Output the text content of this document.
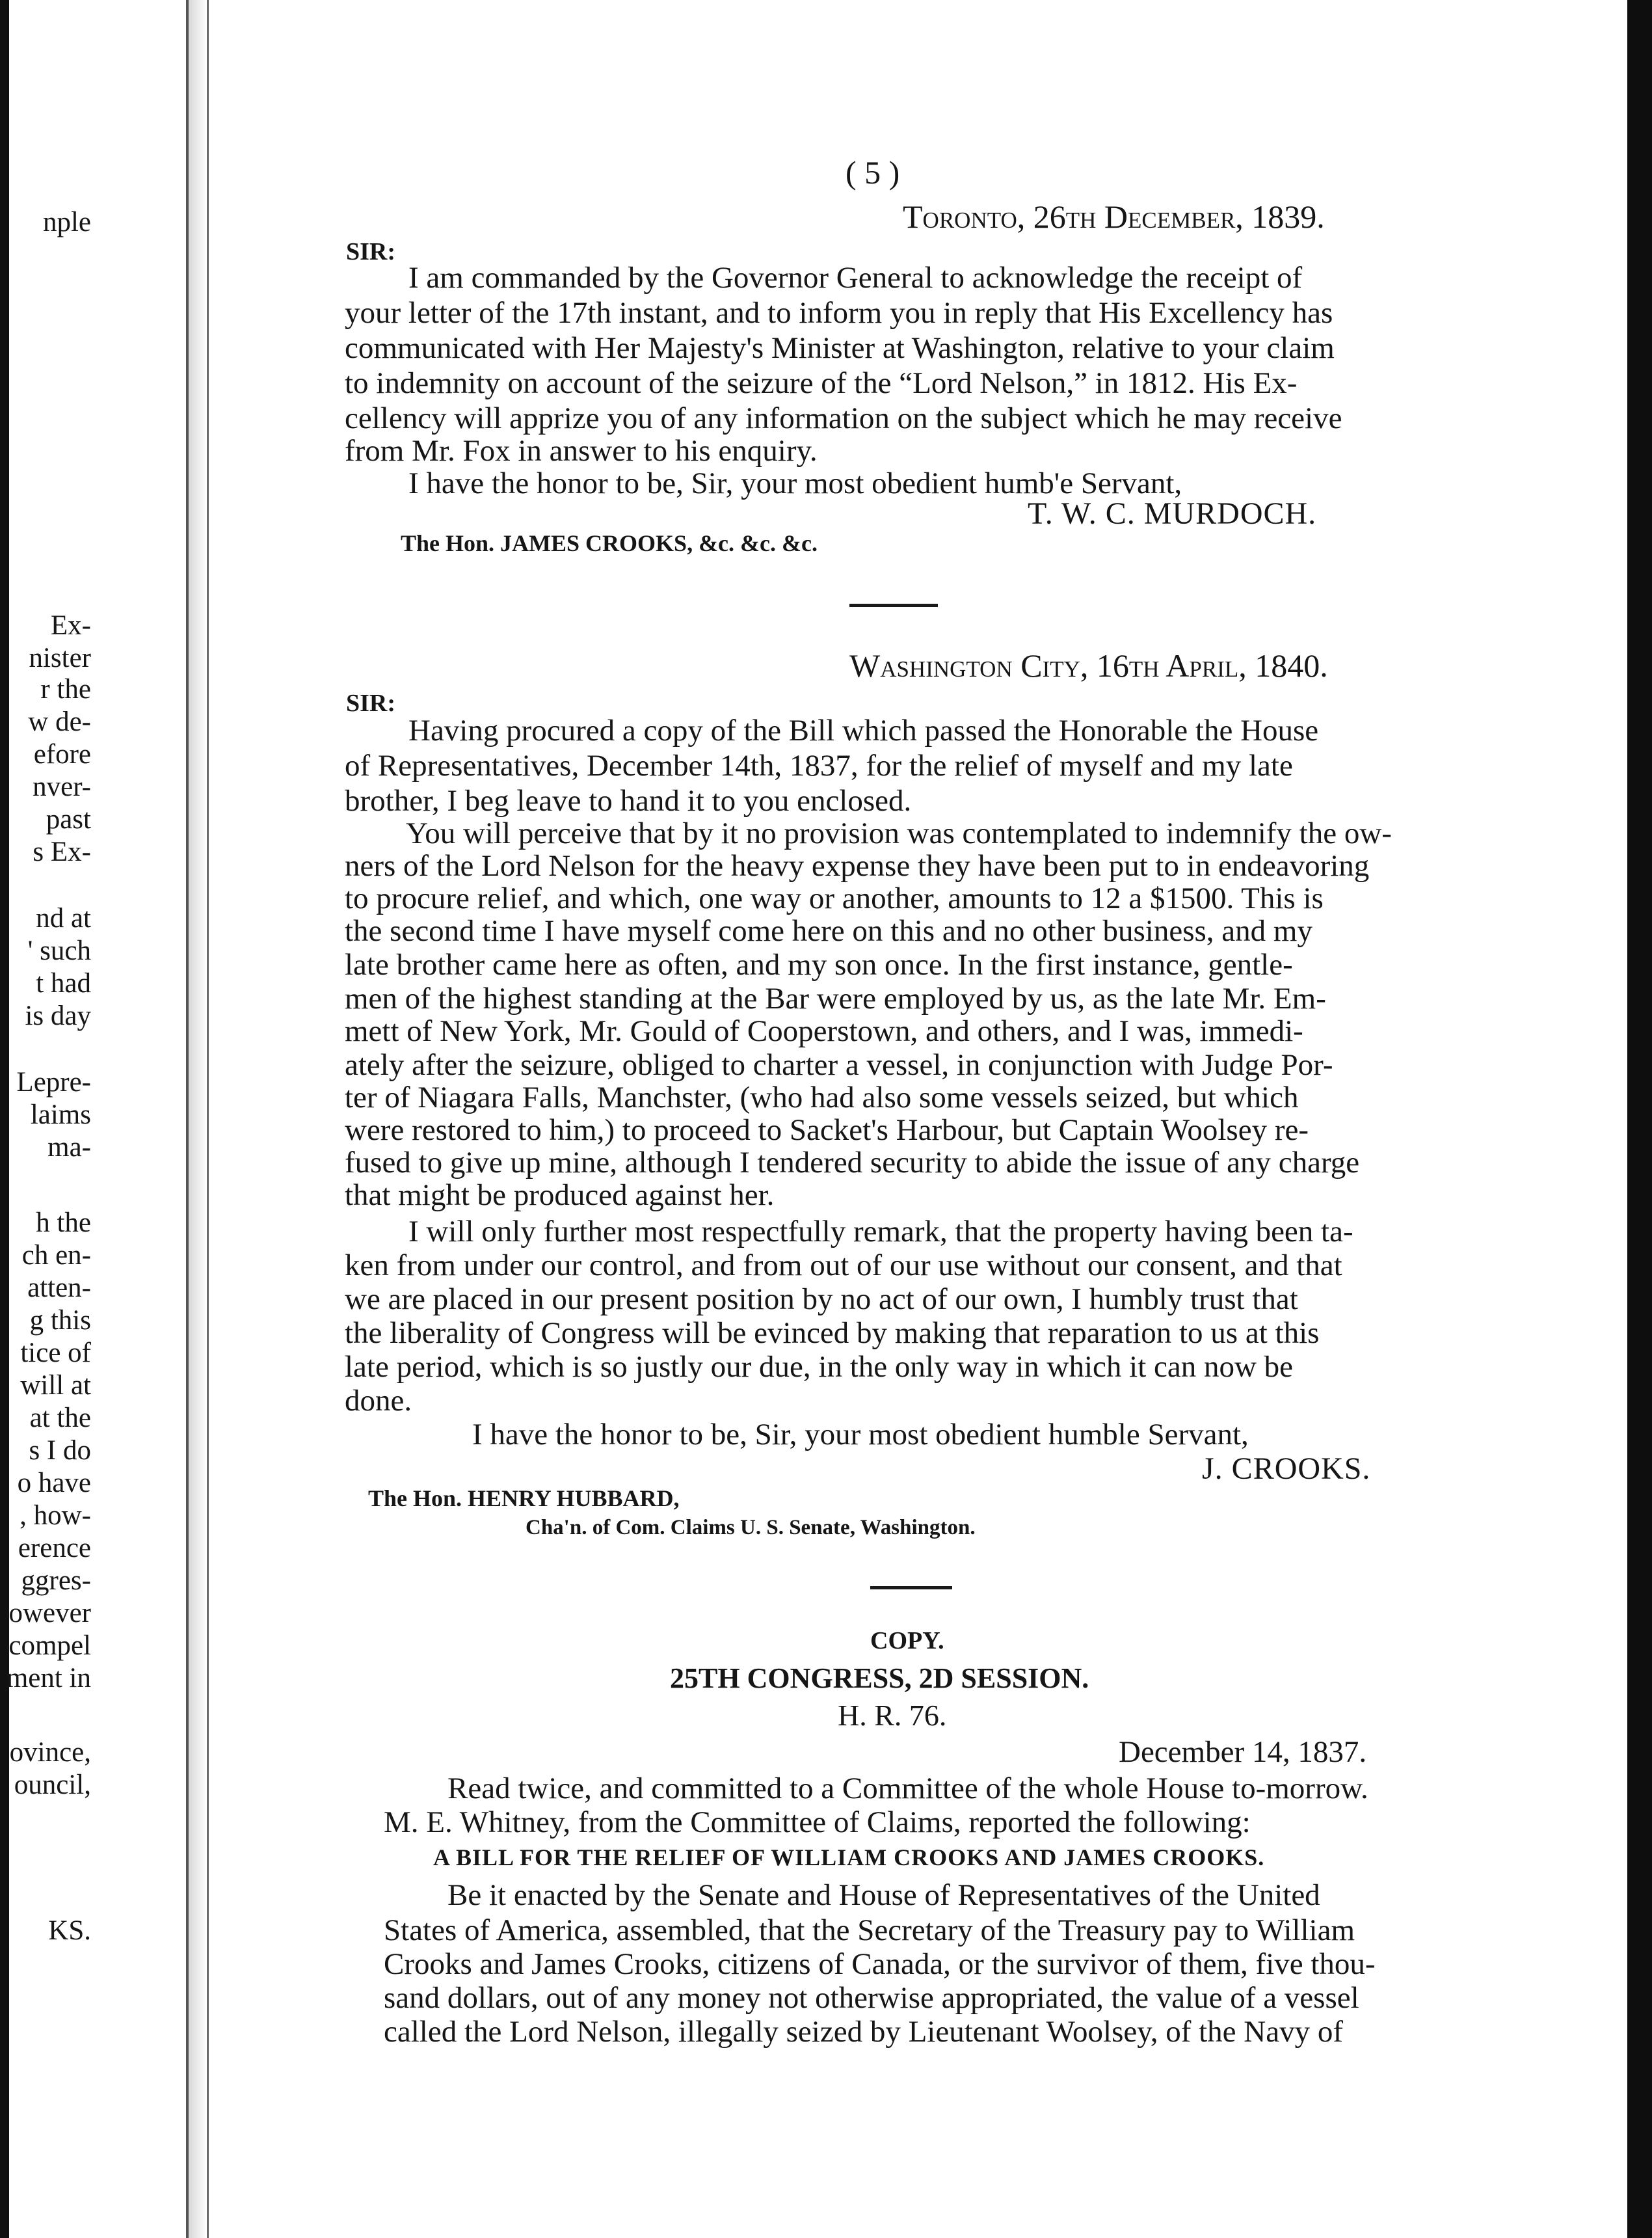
nple
Ex-
nister
r the
w de-
efore
nver-
past
s Ex-
nd at
' such
t had
is day
Lepre-
laims
ma-
h the
ch en-
atten-
g this
tice of
will at
at the
s I do
o have
, how-
erence
ggres-
owever
compel
ment in
ovince,
ouncil,
KS.
( 5 )
Toronto, 26th December, 1839.
SIR:
I am commanded by the Governor General to acknowledge the receipt of
your letter of the 17th instant, and to inform you in reply that His Excellency has
communicated with Her Majesty's Minister at Washington, relative to your claim
to indemnity on account of the seizure of the “Lord Nelson,” in 1812. His Ex-
cellency will apprize you of any information on the subject which he may receive
from Mr. Fox in answer to his enquiry.
I have the honor to be, Sir, your most obedient humb'e Servant,
T. W. C. MURDOCH.
The Hon. JAMES CROOKS, &c. &c. &c.
Washington City, 16th April, 1840.
SIR:
Having procured a copy of the Bill which passed the Honorable the House
of Representatives, December 14th, 1837, for the relief of myself and my late
brother, I beg leave to hand it to you enclosed.
You will perceive that by it no provision was contemplated to indemnify the ow-
ners of the Lord Nelson for the heavy expense they have been put to in endeavoring
to procure relief, and which, one way or another, amounts to 12 a $1500. This is
the second time I have myself come here on this and no other business, and my
late brother came here as often, and my son once. In the first instance, gentle-
men of the highest standing at the Bar were employed by us, as the late Mr. Em-
mett of New York, Mr. Gould of Cooperstown, and others, and I was, immedi-
ately after the seizure, obliged to charter a vessel, in conjunction with Judge Por-
ter of Niagara Falls, Manchster, (who had also some vessels seized, but which
were restored to him,) to proceed to Sacket's Harbour, but Captain Woolsey re-
fused to give up mine, although I tendered security to abide the issue of any charge
that might be produced against her.
I will only further most respectfully remark, that the property having been ta-
ken from under our control, and from out of our use without our consent, and that
we are placed in our present position by no act of our own, I humbly trust that
the liberality of Congress will be evinced by making that reparation to us at this
late period, which is so justly our due, in the only way in which it can now be
done.
I have the honor to be, Sir, your most obedient humble Servant,
J. CROOKS.
The Hon. HENRY HUBBARD,
Cha'n. of Com. Claims U. S. Senate, Washington.
COPY.
25TH CONGRESS, 2D SESSION.
H. R. 76.
December 14, 1837.
Read twice, and committed to a Committee of the whole House to-morrow.
M. E. Whitney, from the Committee of Claims, reported the following:
A BILL FOR THE RELIEF OF WILLIAM CROOKS AND JAMES CROOKS.
Be it enacted by the Senate and House of Representatives of the United
States of America, assembled, that the Secretary of the Treasury pay to William
Crooks and James Crooks, citizens of Canada, or the survivor of them, five thou-
sand dollars, out of any money not otherwise appropriated, the value of a vessel
called the Lord Nelson, illegally seized by Lieutenant Woolsey, of the Navy of
